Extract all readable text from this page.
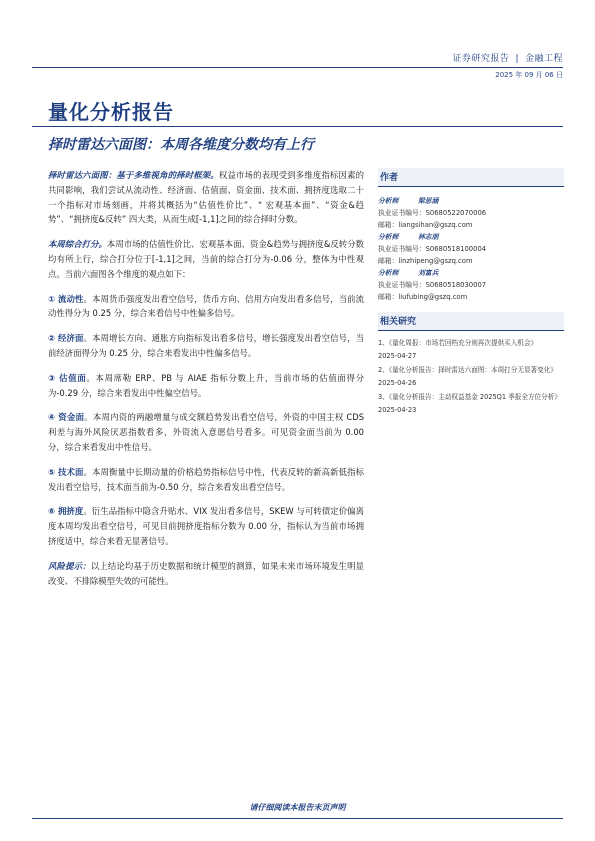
证券研究报告 | 金融工程
2025 年 09 月 06 日
量化分析报告
择时雷达六面图：本周各维度分数均有上行

择时雷达六面图：基于多维视角的择时框架。权益市场的表现受到多维度指标因素的共同影响，我们尝试从流动性、经济面、估值面、资金面、技术面、拥挤度选取二十一个指标对市场刻画，并将其概括为“估值性价比”、“ 宏观基本面”、“资金&趋势”、“拥挤度&反转” 四大类，从而生成[-1,1]之间的综合择时分数。

本周综合打分。本周市场的估值性价比、宏观基本面、资金&趋势与拥挤度&反转分数均有所上行，综合打分位于[-1,1]之间，当前的综合打分为-0.06 分，整体为中性观点。当前六面图各个维度的观点如下：

① 流动性。本周货币强度发出看空信号，货币方向、信用方向发出看多信号，当前流动性得分为 0.25 分，综合来看信号中性偏多信号。

② 经济面。本周增长方向、通胀方向指标发出看多信号，增长强度发出看空信号，当前经济面得分为 0.25 分，综合来看发出中性偏多信号。

③ 估值面。本周席勒 ERP、PB 与 AIAE 指标分数上升，当前市场的估值面得分为-0.29 分，综合来看发出中性偏空信号。

④ 资金面。本周内资的两融增量与成交额趋势发出看空信号，外资的中国主权 CDS 利差与海外风险厌恶指数看多，外资流入意愿信号看多。可见资金面当前为 0.00 分，综合来看发出中性信号。

⑤ 技术面。本周衡量中长期动量的价格趋势指标信号中性，代表反转的新高新低指标发出看空信号，技术面当前为-0.50 分，综合来看发出看空信号。

⑥ 拥挤度。衍生品指标中隐含升贴水、VIX 发出看多信号，SKEW 与可转债定价偏离度本周均发出看空信号，可见目前拥挤度指标分数为 0.00 分，指标认为当前市场拥挤度适中，综合来看无显著信号。

风险提示：以上结论均基于历史数据和统计模型的测算，如果未来市场环境发生明显改变、不排除模型失效的可能性。

作者
分析师	梁思涵
执业证书编号：S0680522070006
邮箱：liangsihan@gszq.com
分析师	林志朋
执业证书编号：S0680518100004
邮箱：linzhipeng@gszq.com
分析师	刘富兵
执业证书编号：S0680518030007
邮箱：liufubing@gszq.com
相关研究
1、《量化周报：市场若回档充分则再次提供买入机会》
2025-04-27
2、《量化分析报告：择时雷达六面图：本周打分无显著变化》 2025-04-26
3、《量化分析报告：主动权益基金 2025Q1 季报全方位分析》 2025-04-23
请仔细阅读本报告末页声明
